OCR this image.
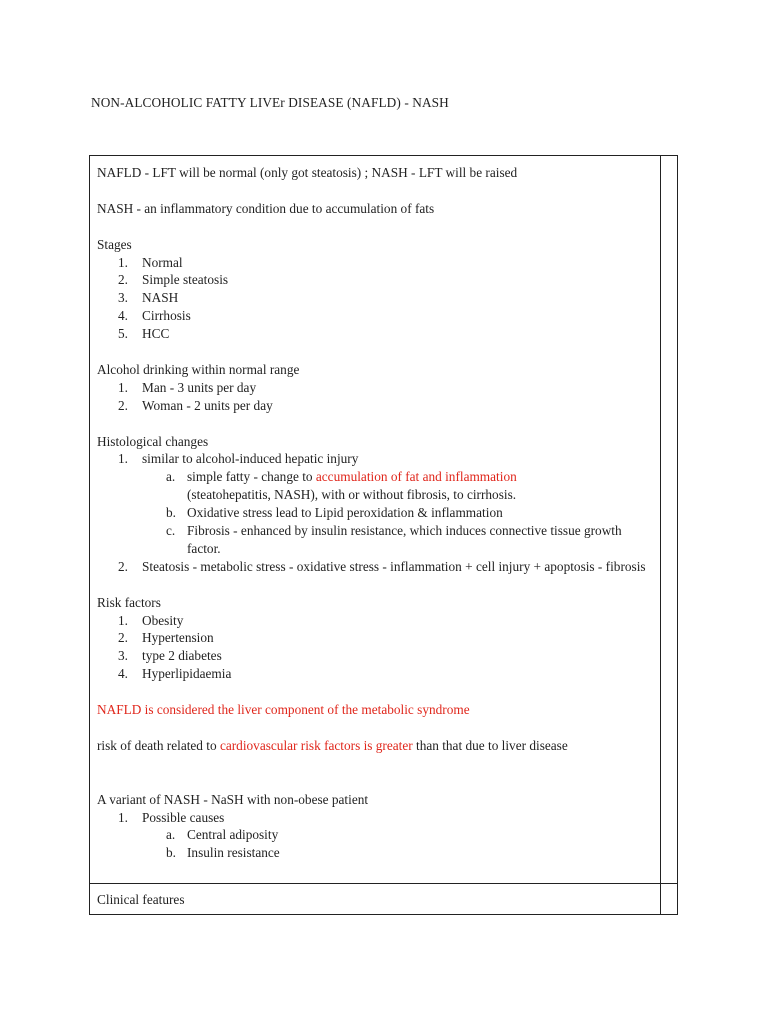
NON-ALCOHOLIC FATTY LIVEr DISEASE (NAFLD) - NASH

NAFLD - LFT will be normal (only got steatosis) ; NASH - LFT will be raised

NASH - an inflammatory condition due to accumulation of fats

Stages

1. Normal
2. Simple steatosis
3. NASH
4. Cirrhosis
5. HCC

Alcohol drinking within normal range

1. Man - 3 units per day
2. Woman - 2 units per day

Histological changes

1. similar to alcohol-induced hepatic injury
a. simple fatty - change to accumulation of fat and inflammation
(steatohepatitis, NASH), with or without fibrosis, to cirrhosis.
b. Oxidative stress lead to Lipid peroxidation & inflammation
c. Fibrosis - enhanced by insulin resistance, which induces connective tissue growth factor.
2. Steatosis - metabolic stress - oxidative stress - inflammation + cell injury + apoptosis - fibrosis

Risk factors

1. Obesity
2. Hypertension
3. type 2 diabetes
4. Hyperlipidaemia

NAFLD is considered the liver component of the metabolic syndrome

risk of death related to cardiovascular risk factors is greater than that due to liver disease

A variant of NASH - NaSH with non-obese patient

1. Possible causes
a. Central adiposity
b. Insulin resistance

Clinical features
